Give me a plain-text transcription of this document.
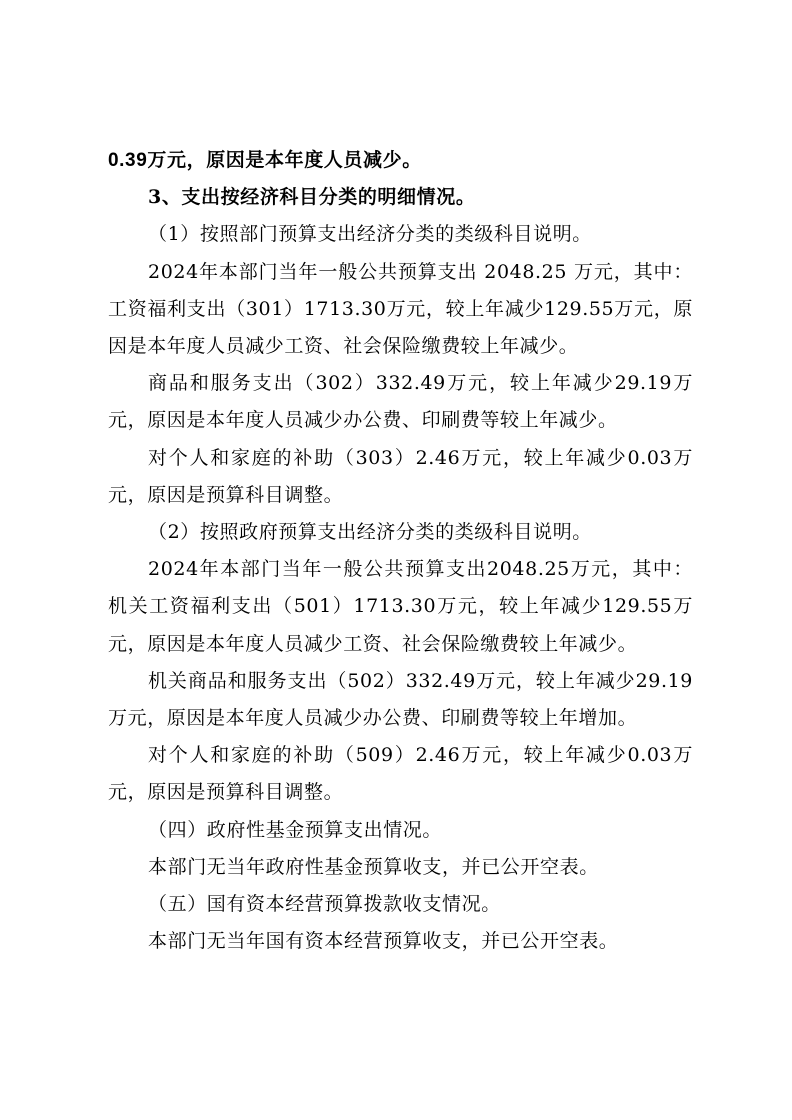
0.39万元，原因是本年度人员减少。

3、支出按经济科目分类的明细情况。

（1）按照部门预算支出经济分类的类级科目说明。

2024年本部门当年一般公共预算支出 2048.25 万元，其中：工资福利支出（301）1713.30万元，较上年减少129.55万元，原因是本年度人员减少工资、社会保险缴费较上年减少。

商品和服务支出（302）332.49万元，较上年减少29.19万元，原因是本年度人员减少办公费、印刷费等较上年减少。

对个人和家庭的补助（303）2.46万元，较上年减少0.03万元，原因是预算科目调整。

（2）按照政府预算支出经济分类的类级科目说明。

2024年本部门当年一般公共预算支出2048.25万元，其中：机关工资福利支出（501）1713.30万元，较上年减少129.55万元，原因是本年度人员减少工资、社会保险缴费较上年减少。

机关商品和服务支出（502）332.49万元，较上年减少29.19万元，原因是本年度人员减少办公费、印刷费等较上年增加。

对个人和家庭的补助（509）2.46万元，较上年减少0.03万元，原因是预算科目调整。

（四）政府性基金预算支出情况。

本部门无当年政府性基金预算收支，并已公开空表。

（五）国有资本经营预算拨款收支情况。

本部门无当年国有资本经营预算收支，并已公开空表。
